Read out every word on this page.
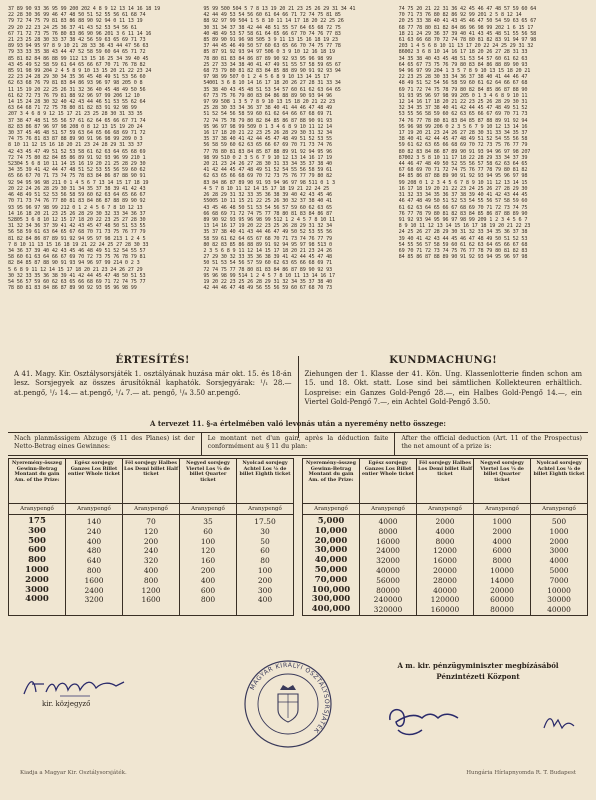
37 89 90 93 36 95 99 200 202 4 8 9 12 13 14 16 18 19
22 28 30 36 99 46 47 48 50 51 52 55 56 61 68 74
79 72 74 75 79 81 83 86 88 90 92 94 0 11 13 19
29 20 22 23 24 25 36 37 41 43 52 53 54 56 61
67 71 72 73 75 76 80 83 86 90 96 201 3 6 11 14 16
21 23 25 28 30 33 37 38 42 56 59 63 65 69 71 73
89 93 94 95 97 8 9 10 21 28 33 36 43 44 47 56 63
79 33 33 35 38 43 44 47 52 58 59 60 64 65 71 72
85 81 82 84 86 88 99 112 13 15 16 25 34 39 40 45
43 45 49 52 58 59 61 64 65 66 67 70 71 76 78 82
85 91 98 99 204 2 4 5 8 9 10 13 15 20 21 22 23 24
22 23 24 28 29 30 34 35 36 45 48 49 51 53 56 60
62 63 68 76 79 81 83 84 86 93 96 97 98 205 0 8
11 15 19 20 22 25 26 31 32 36 40 45 48 49 50 56
61 62 72 73 76 79 81 88 92 96 97 99 206 12 10
14 15 24 28 30 32 40 42 43 44 46 51 53 55 62 64
63 64 68 71 72 75 78 80 81 82 83 91 92 98 99
207 3 4 6 8 9 12 15 17 21 23 25 28 30 31 33 35
37 38 47 48 51 55 56 57 61 62 64 65 66 67 71 74
82 83 86 87 96 97 98 208 0 8 12 13 15 19 20 24
30 37 45 46 48 51 57 59 63 64 65 66 68 69 71 72
74 75 76 81 83 87 88 89 90 91 96 98 99 209 0 3
8 10 11 12 15 16 18 20 21 23 24 28 29 31 33 37
42 43 45 47 49 51 52 53 58 61 62 63 64 65 68 69
72 74 75 80 82 84 85 86 89 91 92 93 96 99 210 1
52304 5 6 8 10 11 14 15 16 19 20 21 25 28 29 30
34 35 39 41 42 44 47 48 51 52 53 55 56 59 60 62
65 66 67 70 71 73 74 75 78 83 84 86 87 88 90 91
92 94 95 96 98 211 0 1 4 5 6 7 13 14 15 17 18 19
20 22 24 26 28 29 30 31 34 35 37 38 39 41 42 43
46 48 49 51 52 53 56 58 59 60 62 63 64 65 66 67
70 71 73 74 76 77 80 81 83 84 86 87 88 89 90 92
93 95 96 97 98 99 212 0 1 2 4 5 6 7 8 10 12 13
14 16 18 20 21 23 25 26 28 29 30 32 33 34 36 37
52805 3 6 8 10 12 15 17 18 20 22 23 25 27 28 30
31 32 34 36 37 39 41 42 43 45 47 48 50 51 53 55
56 58 59 61 63 64 65 67 68 70 71 73 75 76 77 79
81 82 84 86 87 89 91 92 94 95 97 98 213 1 2 4 5
7 8 10 11 13 15 16 18 19 21 22 24 25 27 28 30 33
34 36 37 39 40 42 43 45 46 48 49 51 52 54 55 57
58 60 61 63 64 66 67 69 70 72 73 75 76 78 79 81
82 84 85 87 88 90 91 93 94 96 97 99 214 0 2 3
5 6 8 9 11 12 14 15 17 18 20 21 23 24 26 27 29
30 32 33 35 36 38 39 41 42 44 45 47 48 50 51 53
54 56 57 59 60 62 63 65 66 68 69 71 72 74 75 77
78 80 81 83 84 86 87 89 90 92 93 95 96 98 99
95 99 500 504 5 7 8 13 19 20 21 23 25 26 29 31 34 41
42 44 49 53 54 56 60 61 64 66 71 72 74 75 81 85
88 92 97 99 504 1 5 8 10 11 14 17 18 20 22 25 26
30 31 34 37 38 42 44 48 51 55 57 64 65 68 72 75
40 48 49 53 57 58 61 64 65 66 67 70 74 76 77 83
85 89 90 91 96 98 505 3 9 11 13 15 16 18 19 23
37 44 45 46 49 50 57 60 63 65 66 70 74 75 77 78
85 87 91 92 93 94 97 506 0 3 9 10 12 16 18 19
78 80 81 83 84 86 87 89 90 92 93 95 96 98 99
25 27 33 34 38 40 41 47 49 51 55 57 58 59 65 67
68 73 79 80 81 82 83 84 85 88 89 90 91 92 93 94
97 98 99 507 0 1 2 4 5 6 8 9 10 13 14 15 17
54001 3 6 8 10 14 16 17 18 20 26 27 28 31 33 34
35 38 40 43 45 48 51 53 54 57 60 61 62 63 64 65
67 73 75 76 79 80 83 84 86 88 89 90 93 94 96
97 99 508 1 3 5 7 8 9 10 13 15 18 20 21 22 23
25 28 30 33 34 36 37 38 40 41 44 46 47 48 49
51 52 54 56 58 59 60 61 62 64 66 67 68 69 71
72 74 75 78 79 80 82 84 85 86 87 88 90 91 93
95 96 97 98 99 509 0 1 3 4 6 8 9 10 11 12 14
16 17 18 20 21 22 23 25 26 28 29 30 31 32 34
35 37 38 40 41 42 44 45 47 48 49 51 52 53 55
56 58 59 60 62 63 65 66 67 69 70 71 73 74 76
77 78 80 81 83 84 85 87 88 89 91 92 94 95 96
98 99 510 0 2 3 5 6 7 9 10 12 13 14 16 17 19
20 21 23 24 26 27 28 30 31 33 34 35 37 38 40
41 42 44 45 47 48 49 51 52 54 55 56 58 59 61
62 63 65 66 68 69 70 72 73 75 76 77 79 80 82
83 84 86 87 89 90 91 93 94 96 97 98 511 0 1 3
4 5 7 8 10 11 12 14 15 17 18 19 21 22 24 25
26 28 29 31 32 33 35 36 38 39 40 42 43 45 46
55005 10 11 15 21 22 25 26 30 32 37 38 40 41
43 45 46 48 50 51 53 54 56 57 59 60 62 63 65
66 68 69 71 72 74 75 77 78 80 81 83 84 86 87
89 90 92 93 95 96 98 99 512 1 2 4 5 7 8 10 11
13 14 16 17 19 20 22 23 25 26 28 29 31 32 34
35 37 38 40 41 43 44 46 47 49 50 52 53 55 56
58 59 61 62 64 65 67 68 70 71 73 74 76 77 79
80 82 83 85 86 88 89 91 92 94 95 97 98 513 0
2 3 5 6 8 9 11 12 14 15 17 18 20 21 23 24 26
27 29 30 32 33 35 36 38 39 41 42 44 45 47 48
50 51 53 54 56 57 59 60 62 63 65 66 68 69 71
72 74 75 77 78 80 81 83 84 86 87 89 90 92 93
95 96 98 99 514 1 2 4 5 7 8 10 11 13 14 16 17
19 20 22 23 25 26 28 29 31 32 34 35 37 38 40
42 44 46 47 48 49 56 55 56 59 60 67 68 70 73
74 75 20 21 22 31 36 42 45 46 47 48 57 59 60 64
70 71 73 76 80 82 86 92 99 201 2 5 8 12 14
20 25 33 38 40 41 43 45 46 47 50 54 59 63 65 67
68 77 78 80 81 82 84 86 96 98 99 202 1 6 15 17
18 21 24 29 36 37 39 40 41 43 45 48 51 55 56 58
61 63 66 68 70 72 74 78 80 81 82 83 91 94 97 98
203 1 4 5 6 8 10 11 13 17 20 22 24 25 29 31 32
86002 3 6 8 10 14 16 17 18 20 26 27 28 31 33
34 35 38 40 43 45 48 51 53 54 57 60 61 62 63
64 65 67 73 75 76 79 80 83 84 86 88 89 90 93
94 96 97 99 204 1 3 5 7 8 9 10 13 15 18 20 21
22 23 25 28 30 33 34 36 37 38 40 41 44 46 47
48 49 51 52 54 56 58 59 60 61 62 64 66 67 68
69 71 72 74 75 78 79 80 82 84 85 86 87 88 90
91 93 95 96 97 98 99 205 0 1 3 4 6 8 9 10 11
12 14 16 17 18 20 21 22 23 25 26 28 29 30 31
32 34 35 37 38 40 41 42 44 45 47 48 49 51 52
53 55 56 58 59 60 62 63 65 66 67 69 70 71 73
74 76 77 78 80 81 83 84 85 87 88 89 91 92 94
95 96 98 99 206 0 2 3 5 6 7 9 10 12 13 14 16
17 19 20 21 23 24 26 27 28 30 31 33 34 35 37
38 40 41 42 44 45 47 48 49 51 52 54 55 56 58
59 61 62 63 65 66 68 69 70 72 73 75 76 77 79
80 82 83 84 86 87 89 90 91 93 94 96 97 98 207
87002 3 5 8 10 11 17 18 22 28 29 33 34 37 39
44 46 47 48 49 50 52 55 56 57 58 62 63 64 65
67 68 69 70 71 72 74 75 76 77 78 79 80 81 82
84 85 86 87 88 89 90 91 92 93 94 95 96 97 98
99 208 0 1 2 3 4 5 6 7 8 9 10 11 12 13 14 15
16 17 18 19 20 21 22 23 24 25 26 27 28 29 30
31 32 33 34 35 36 37 38 39 40 41 42 43 44 45
46 47 48 49 50 51 52 53 54 55 56 57 58 59 60
61 62 63 64 65 66 67 68 69 70 71 72 73 74 75
76 77 78 79 80 81 82 83 84 85 86 87 88 89 90
91 92 93 94 95 96 97 98 99 209 1 2 3 4 5 6 7
8 9 10 11 12 13 14 15 16 17 18 19 20 21 22 23
24 25 26 27 28 29 30 31 32 33 34 35 36 37 38
39 40 41 42 43 44 45 46 47 48 49 50 51 52 53
54 55 56 57 58 59 60 61 62 63 64 65 66 67 68
69 70 71 72 73 74 75 76 77 78 79 80 81 82 83
84 85 86 87 88 89 90 91 92 93 94 95 96 97 98
ÉRTESÍTÉS!
A 41. Magy. Kir. Osztálysorsjáték 1. osztályának huzása már okt. 15. és 18-án lesz. Sorsjegyek az összes árusítóknál kaphatók. Sorsjegyárak: ¹/₁ 28.— at.pengő, ¹/₂ 14.— at.pengő, ¹/₄ 7.— at. pengő, ¹/₈ 3.50 ar.pengő.
KUNDMACHUNG!
Ziehungen der 1. Klasse der 41. Kön. Ung. Klassenlotterie finden schon am 15. und 18. Okt. statt. Lose sind bei sämtlichen Kollekteuren erhältlich. Lospreise: ein Ganzes Gold-Pengő 28.—, ein Halbes Gold-Pengő 14.—, ein Viertel Gold-Pengő 7.—, ein Achtel Gold-Pengő 3.50.
A tervezet 11. §-a értelmében való levonás után a nyeremény netto összege:
Nach planmässigem Abzuge (§ 11 des Planes) ist der Netto-Betrag eines Gewinnes:
Le montant net d'un gain, après la déduction faite conformément au § 11 du plan:
After the official deduction (Art. 11 of the Prospectus) the net amount of a prize is:
Nyeremény-összeg Gewinn-Betrag Montant du gain Am. of the Prize:
Aranypengő
175
300
500
600
800
1000
2000
3000
4000
Egész sorsjegy Ganzes Los Billet entier Whole ticket
Aranypengő
140
240
400
480
640
800
1600
2400
3200
Fél sorsjegy Halbes Los Demi billet Half ticket
Aranypengő
70
120
200
240
320
400
800
1200
1600
Negyed sorsjegy Viertel Los ¼ de billet Quarter ticket
Aranypengő
35
60
100
120
160
200
400
600
800
Nyolcad sorsjegy Achtel Los ⅛ de billet Eighth ticket
Aranypengő
17.50
30
50
60
80
100
200
300
400
Nyeremény-összeg Gewinn-Betrag Montant du gain Am. of the Prize:
Aranypengő
5,000
10,000
20,000
30,000
40,000
50,000
70,000
100,000
300,000
400,000
Egész sorsjegy Ganzes Los Billet entier Whole ticket
Aranypengő
4000
8000
16000
24000
32000
40000
56000
80000
240000
320000
Fél sorsjegy Halbes Los Demi billet Half ticket
Aranypengő
2000
4000
8000
12000
16000
20000
28000
40000
120000
160000
Negyed sorsjegy Viertel Los ¼ de billet Quarter ticket
Aranypengő
1000
2000
4000
6000
8000
10000
14000
20000
60000
80000
Nyolcad sorsjegy Achtel Los ⅛ de billet Eighth ticket
Aranypengő
500
1000
2000
3000
4000
5000
7000
10000
30000
40000
kir. közjegyző
MAGYAR KIRÁLYI OSZTÁLYSORSJÁTÉK
A m. kir. pénzügyminiszter megbízásából
Pénzintézeti Központ
Kiadja a Magyar Kir. Osztálysorsjáték.	Hungária Hírlapnyomda R. T. Budapest
